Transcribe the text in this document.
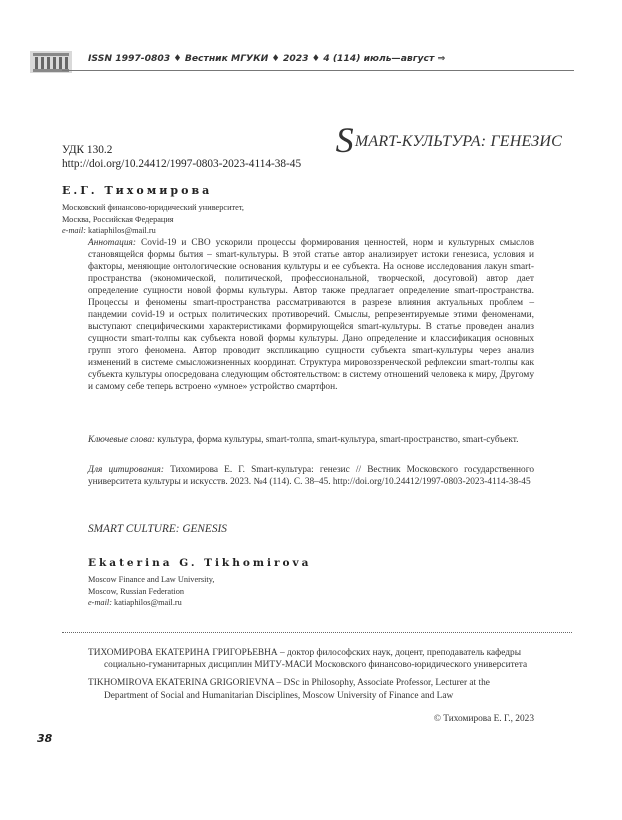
ISSN 1997-0803 ♦ Вестник МГУКИ ♦ 2023 ♦ 4 (114) июль—август ⇒
SMART-КУЛЬТУРА: ГЕНЕЗИС
УДК 130.2
http://doi.org/10.24412/1997-0803-2023-4114-38-45
Е.Г. Тихомирова
Московский финансово-юридический университет,
Москва, Российская Федерация
e-mail: katiaphilos@mail.ru
Аннотация: Covid-19 и СВО ускорили процессы формирования ценностей, норм и культурных смыслов становящейся формы бытия – smart-культуры. В этой статье автор анализирует истоки генезиса, условия и факторы, меняющие онтологические основания культуры и ее субъекта. На основе исследования лакун smart-пространства (экономической, политической, профессиональной, творческой, досуговой) автор дает определение сущности новой формы культуры. Автор также предлагает определение smart-пространства. Процессы и феномены smart-пространства рассматриваются в разрезе влияния актуальных проблем – пандемии covid-19 и острых политических противоречий. Смыслы, репрезентируемые этими феноменами, выступают специфическими характеристиками формирующейся smart-культуры. В статье проведен анализ сущности smart-толпы как субъекта новой формы культуры. Дано определение и классификация основных групп этого феномена. Автор проводит экспликацию сущности субъекта smart-культуры через анализ изменений в системе смысложизненных координат. Структура мировоззренческой рефлексии smart-толпы как субъекта культуры опосредована следующим обстоятельством: в систему отношений человека к миру, Другому и самому себе теперь встроено «умное» устройство смартфон.
Ключевые слова: культура, форма культуры, smart-толпа, smart-культура, smart-пространство, smart-субъект.
Для цитирования: Тихомирова Е. Г. Smart-культура: генезис // Вестник Московского государственного университета культуры и искусств. 2023. №4 (114). С. 38–45. http://doi.org/10.24412/1997-0803-2023-4114-38-45
SMART CULTURE: GENESIS
Ekaterina G. Tikhomirova
Moscow Finance and Law University,
Moscow, Russian Federation
e-mail: katiaphilos@mail.ru

ТИХОМИРОВА ЕКАТЕРИНА ГРИГОРЬЕВНА – доктор философских наук, доцент, преподаватель кафедры социально-гуманитарных дисциплин МИТУ-МАСИ Московского финансово-юридического университета

TIKHOMIROVA EKATERINA GRIGORIEVNA – DSc in Philosophy, Associate Professor, Lecturer at the Department of Social and Humanitarian Disciplines, Moscow University of Finance and Law

© Тихомирова Е. Г., 2023
38
